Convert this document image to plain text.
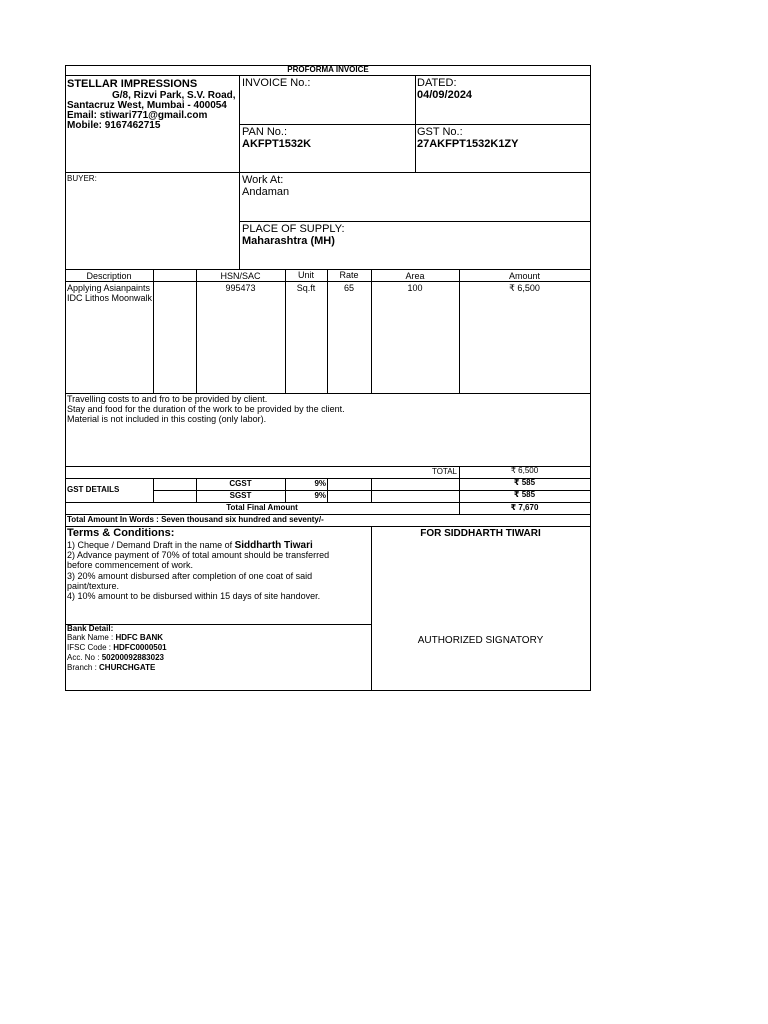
PROFORMA INVOICE
STELLAR IMPRESSIONS
G/8, Rizvi Park, S.V. Road,
Santacruz West, Mumbai - 400054
Email: stiwari771@gmail.com
Mobile: 9167462715
INVOICE No.:	DATED:
04/09/2024
PAN No.:
AKFPT1532K
GST No.:
27AKFPT1532K1ZY
BUYER:	Work At:
Andaman
PLACE OF SUPPLY:
Maharashtra (MH)
Description	HSN/SAC	Unit	Rate	Area	Amount
Applying Asianpaints
IDC Lithos Moonwalk
995473	Sq.ft	65	100	₹ 6,500
Travelling costs to and fro to be provided by client.
Stay and food for the duration of the work to be provided by the client.
Material is not included in this costing (only labor).
TOTAL	₹ 6,500
GST DETAILS
CGST	9%	₹ 585
SGST	9%	₹ 585
Total Final Amount	₹ 7,670
Total Amount In Words : Seven thousand six hundred and seventy/-
Terms & Conditions:
1) Cheque / Demand Draft in the name of Siddharth Tiwari
2) Advance payment of 70% of total amount should be transferred
before commencement of work.
3) 20% amount disbursed after completion of one coat of said
paint/texture.
4) 10% amount to be disbursed within 15 days of site handover.
FOR SIDDHARTH TIWARI
AUTHORIZED SIGNATORY
Bank Detail:
Bank Name : HDFC BANK
IFSC Code : HDFC0000501
Acc. No : 50200092883023
Branch : CHURCHGATE
